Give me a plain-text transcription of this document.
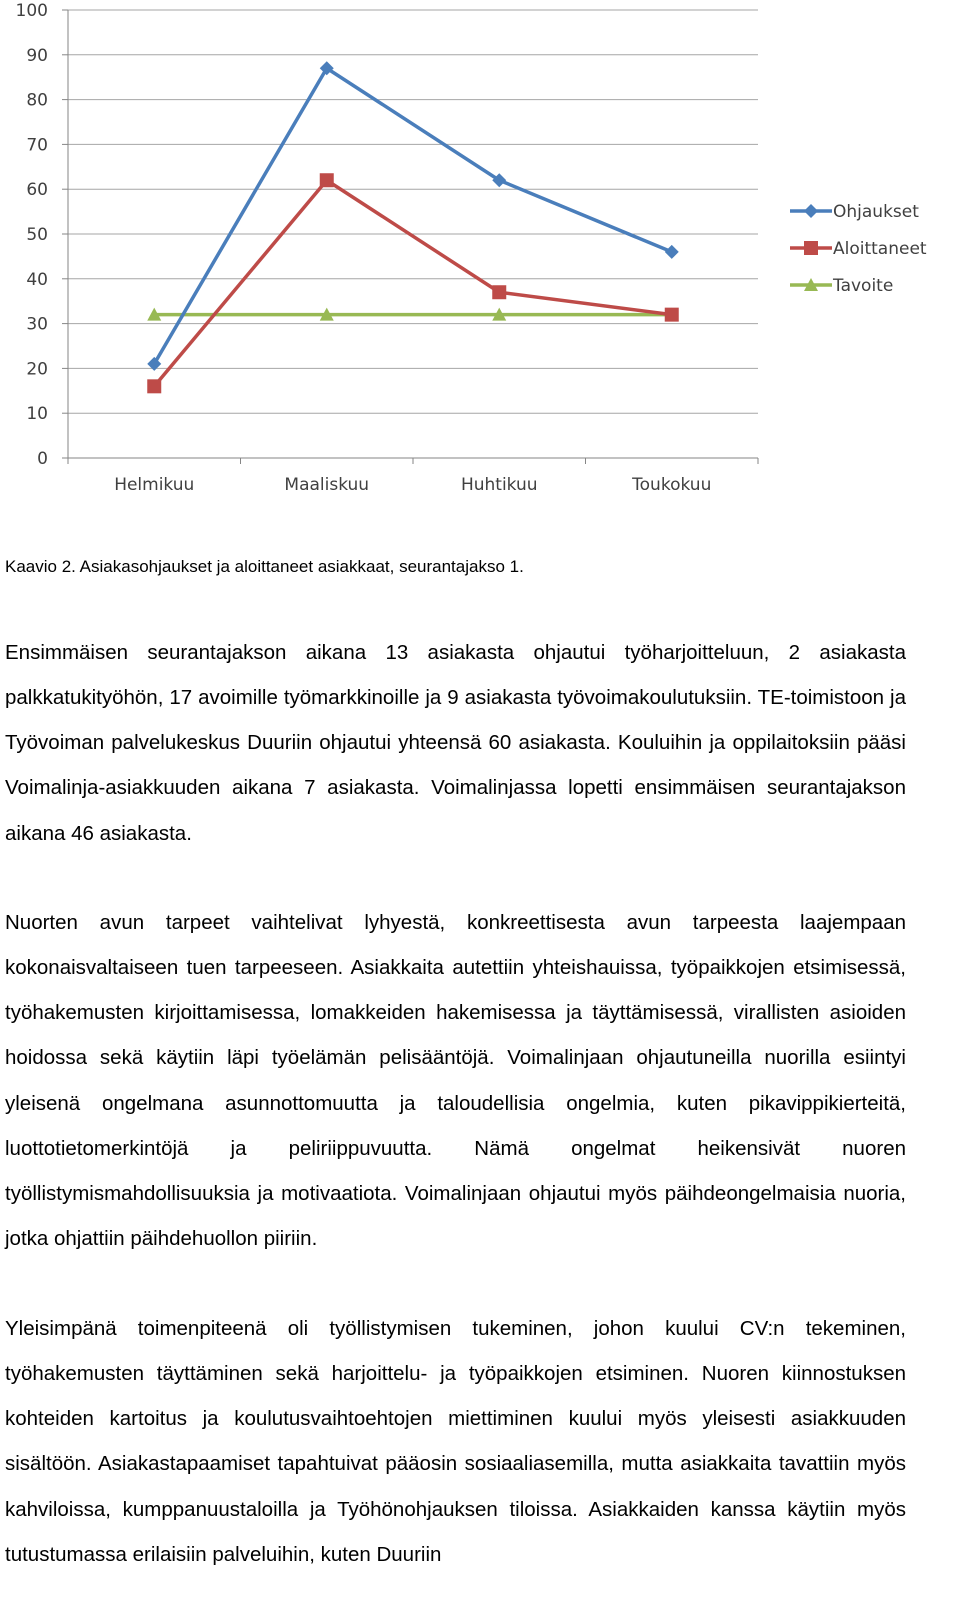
0
10
20
30
40
50
60
70
80
90
100
Helmikuu	Maaliskuu	Huhtikuu	Toukokuu
Ohjaukset
Aloittaneet
Tavoite
Kaavio 2. Asiakasohjaukset ja aloittaneet asiakkaat, seurantajakso 1.

Ensimmäisen seurantajakson aikana 13 asiakasta ohjautui työharjoitteluun, 2 asiakasta palkkatukityöhön, 17 avoimille työmarkkinoille ja 9 asiakasta työvoimakoulutuksiin. TE-toimistoon ja Työvoiman palvelukeskus Duuriin ohjautui yhteensä 60 asiakasta. Kouluihin ja oppilaitoksiin pääsi Voimalinja-asiakkuuden aikana 7 asiakasta. Voimalinjassa lopetti ensimmäisen seurantajakson aikana 46 asiakasta.

Nuorten avun tarpeet vaihtelivat lyhyestä, konkreettisesta avun tarpeesta laajempaan kokonaisvaltaiseen tuen tarpeeseen. Asiakkaita autettiin yhteishauissa, työpaikkojen etsimisessä, työhakemusten kirjoittamisessa, lomakkeiden hakemisessa ja täyttämisessä, virallisten asioiden hoidossa sekä käytiin läpi työelämän pelisääntöjä. Voimalinjaan ohjautuneilla nuorilla esiintyi yleisenä ongelmana asunnottomuutta ja taloudellisia ongelmia, kuten pikavippikierteitä, luottotietomerkintöjä ja peliriippuvuutta. Nämä ongelmat heikensivät nuoren työllistymismahdollisuuksia ja motivaatiota. Voimalinjaan ohjautui myös päihdeongelmaisia nuoria, jotka ohjattiin päihdehuollon piiriin.

Yleisimpänä toimenpiteenä oli työllistymisen tukeminen, johon kuului CV:n tekeminen, työhakemusten täyttäminen sekä harjoittelu- ja työpaikkojen etsiminen. Nuoren kiinnostuksen kohteiden kartoitus ja koulutusvaihtoehtojen miettiminen kuului myös yleisesti asiakkuuden sisältöön. Asiakastapaamiset tapahtuivat pääosin sosiaaliasemilla, mutta asiakkaita tavattiin myös kahviloissa, kumppanuustaloilla ja Työhönohjauksen tiloissa. Asiakkaiden kanssa käytiin myös tutustumassa erilaisiin palveluihin, kuten Duuriin
